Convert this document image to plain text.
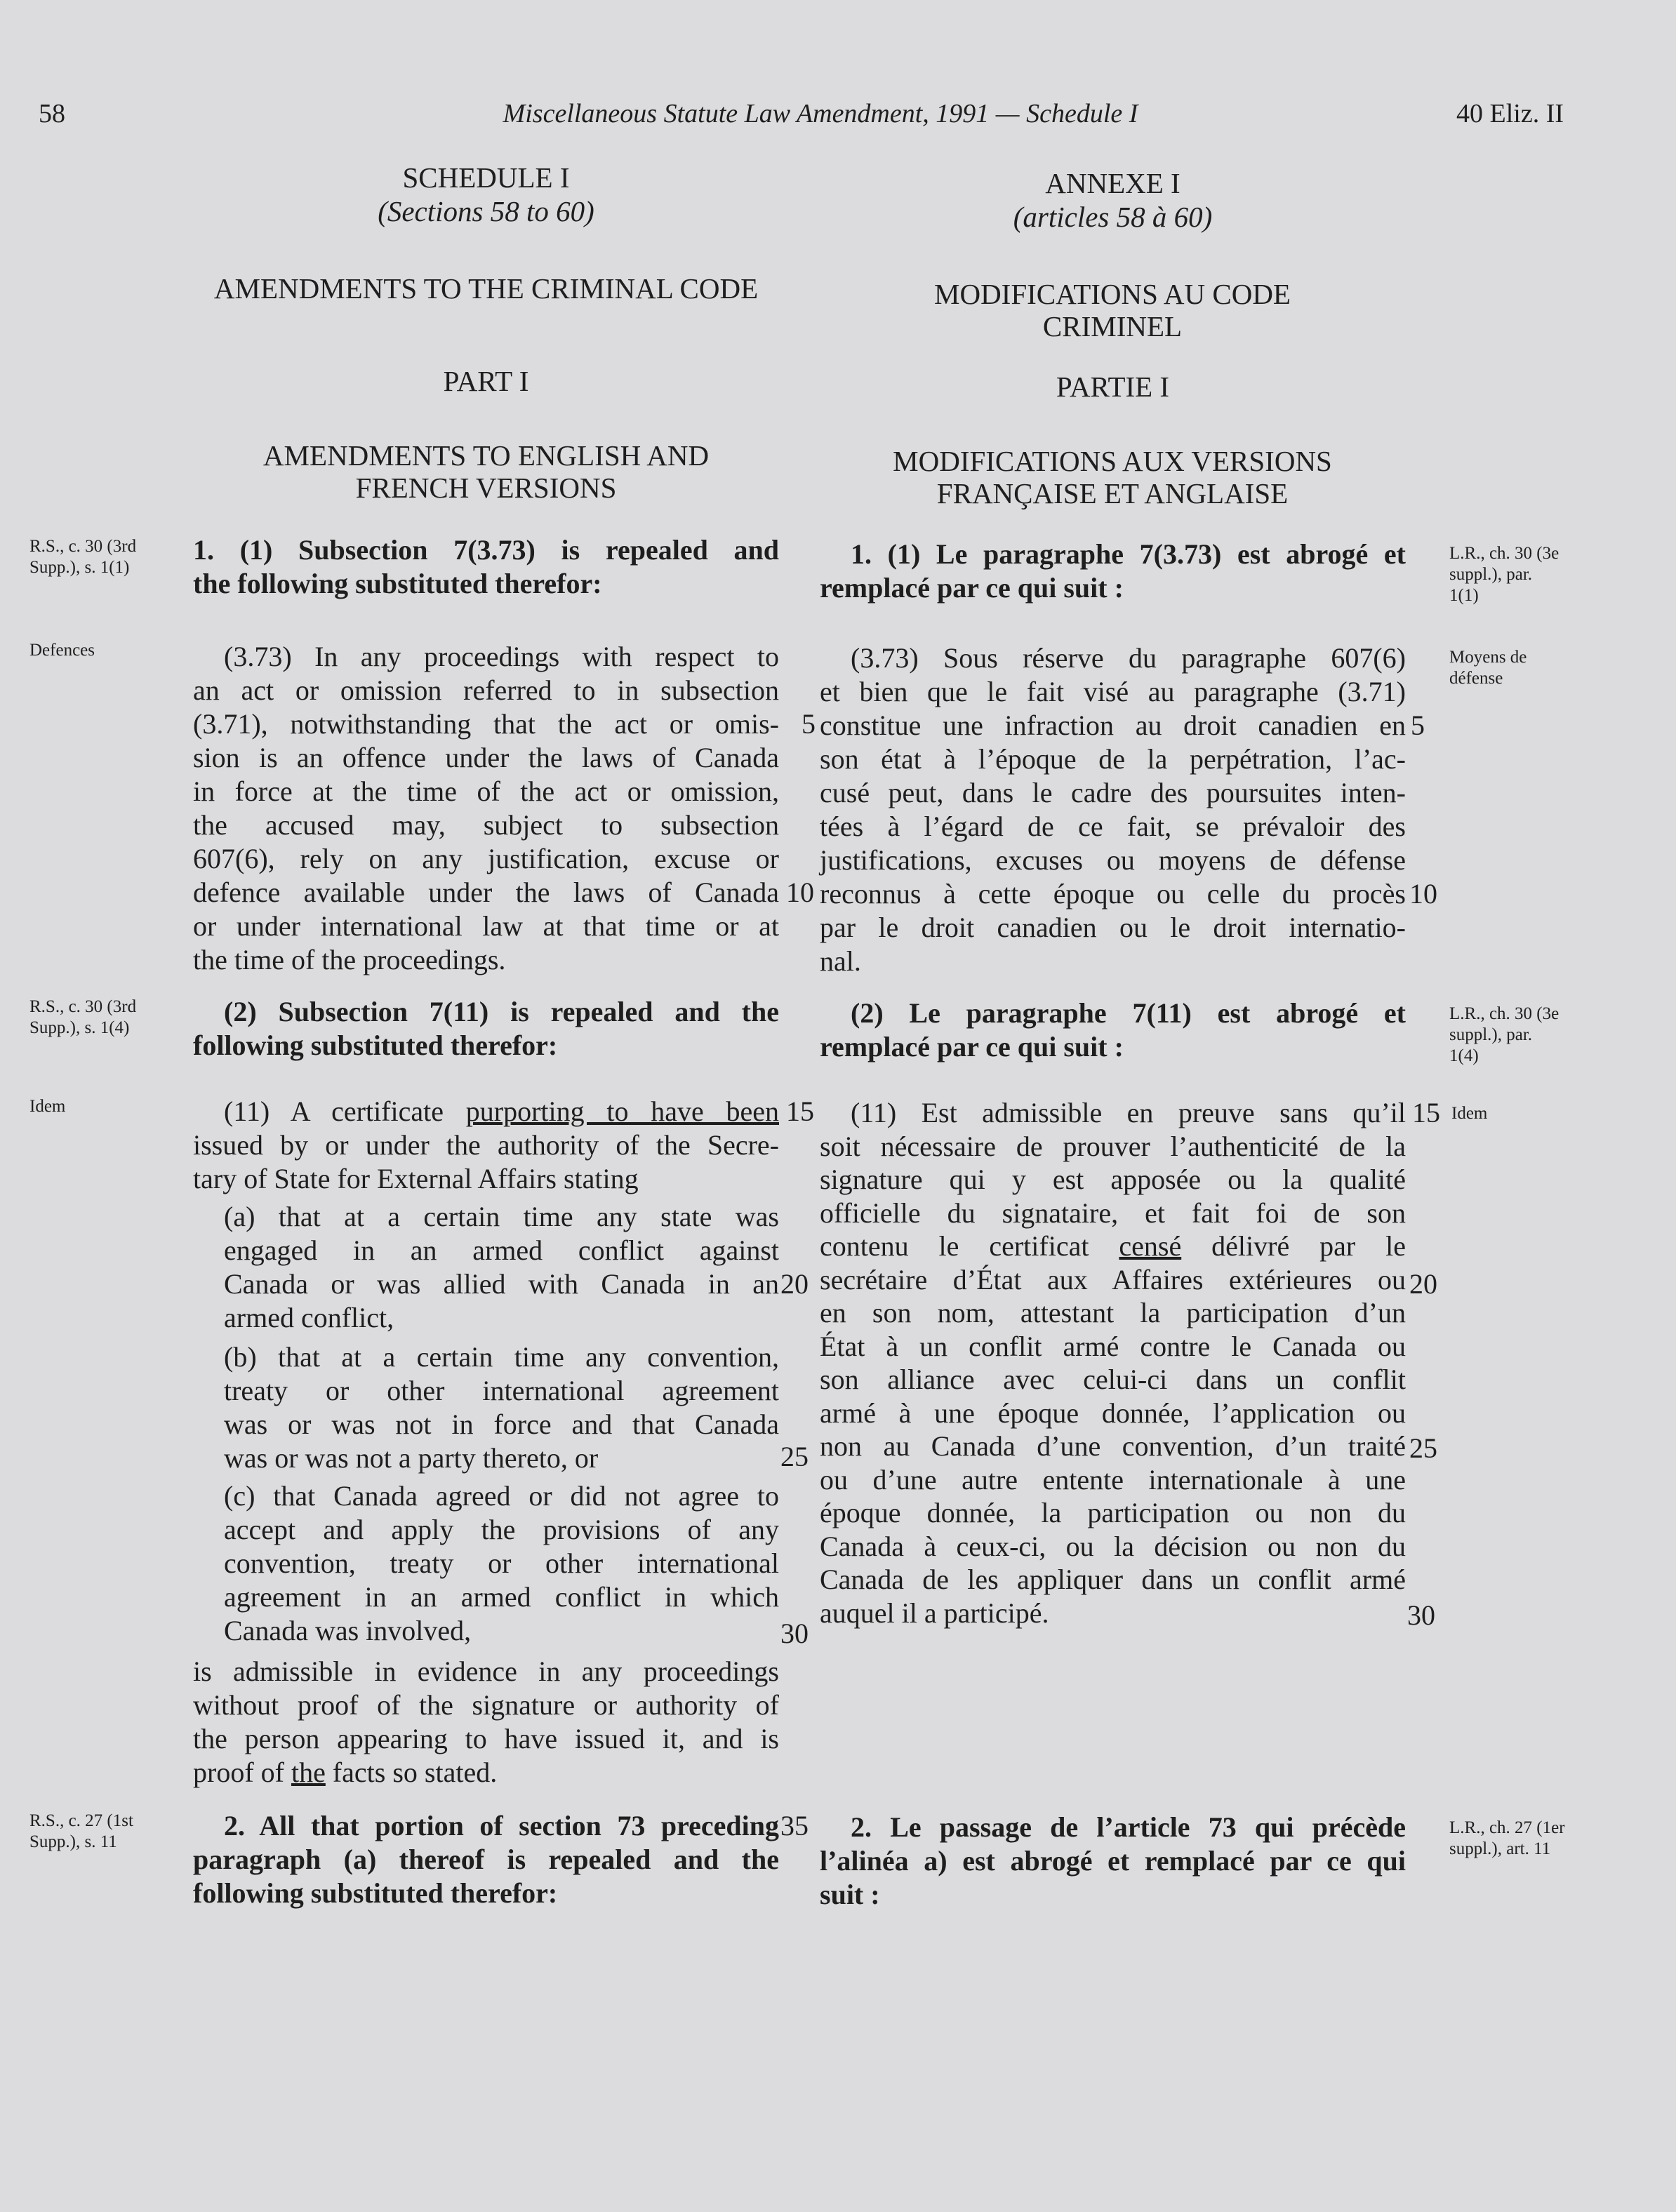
58	Miscellaneous Statute Law Amendment, 1991 — Schedule I	40 Eliz. II
SCHEDULE I
(Sections 58 to 60)
AMENDMENTS TO THE CRIMINAL CODE
PART I
AMENDMENTS TO ENGLISH AND FRENCH VERSIONS
ANNEXE I
(articles 58 à 60)
MODIFICATIONS AU CODE CRIMINEL
PARTIE I
MODIFICATIONS AUX VERSIONS FRANÇAISE ET ANGLAISE
1. (1) Subsection 7(3.73) is repealed and
the following substituted therefor:
(3.73) In any proceedings with respect to
an act or omission referred to in subsection
(3.71), notwithstanding that the act or omis-
sion is an offence under the laws of Canada
in force at the time of the act or omission,
the accused may, subject to subsection
607(6), rely on any justification, excuse or
defence available under the laws of Canada
or under international law at that time or at
the time of the proceedings.
(2) Subsection 7(11) is repealed and the
following substituted therefor:
(11) A certificate purporting to have been
issued by or under the authority of the Secre-
tary of State for External Affairs stating
(a) that at a certain time any state was
engaged in an armed conflict against
Canada or was allied with Canada in an
armed conflict,
(b) that at a certain time any convention,
treaty or other international agreement
was or was not in force and that Canada
was or was not a party thereto, or
(c) that Canada agreed or did not agree to
accept and apply the provisions of any
convention, treaty or other international
agreement in an armed conflict in which
Canada was involved,
is admissible in evidence in any proceedings
without proof of the signature or authority of
the person appearing to have issued it, and is
proof of the facts so stated.
2. All that portion of section 73 preceding
paragraph (a) thereof is repealed and the
following substituted therefor:
1. (1) Le paragraphe 7(3.73) est abrogé et
remplacé par ce qui suit :
(3.73) Sous réserve du paragraphe 607(6)
et bien que le fait visé au paragraphe (3.71)
constitue une infraction au droit canadien en
son état à l’époque de la perpétration, l’ac-
cusé peut, dans le cadre des poursuites inten-
tées à l’égard de ce fait, se prévaloir des
justifications, excuses ou moyens de défense
reconnus à cette époque ou celle du procès
par le droit canadien ou le droit internatio-
nal.
(2) Le paragraphe 7(11) est abrogé et
remplacé par ce qui suit :
(11) Est admissible en preuve sans qu’il
soit nécessaire de prouver l’authenticité de la
signature qui y est apposée ou la qualité
officielle du signataire, et fait foi de son
contenu le certificat censé délivré par le
secrétaire d’État aux Affaires extérieures ou
en son nom, attestant la participation d’un
État à un conflit armé contre le Canada ou
son alliance avec celui-ci dans un conflit
armé à une époque donnée, l’application ou
non au Canada d’une convention, d’un traité
ou d’une autre entente internationale à une
époque donnée, la participation ou non du
Canada à ceux-ci, ou la décision ou non du
Canada de les appliquer dans un conflit armé
auquel il a participé.
2. Le passage de l’article 73 qui précède
l’alinéa a) est abrogé et remplacé par ce qui
suit :
R.S., c. 30 (3rd
Supp.), s. 1(1)
Defences
R.S., c. 30 (3rd
Supp.), s. 1(4)
Idem
R.S., c. 27 (1st
Supp.), s. 11
L.R., ch. 30 (3e
suppl.), par.
1(1)
Moyens de
défense
L.R., ch. 30 (3e
suppl.), par.
1(4)
Idem
L.R., ch. 27 (1er
suppl.), art. 11
5
10
15
20
25
30
35
5
10
15
20
25
30
